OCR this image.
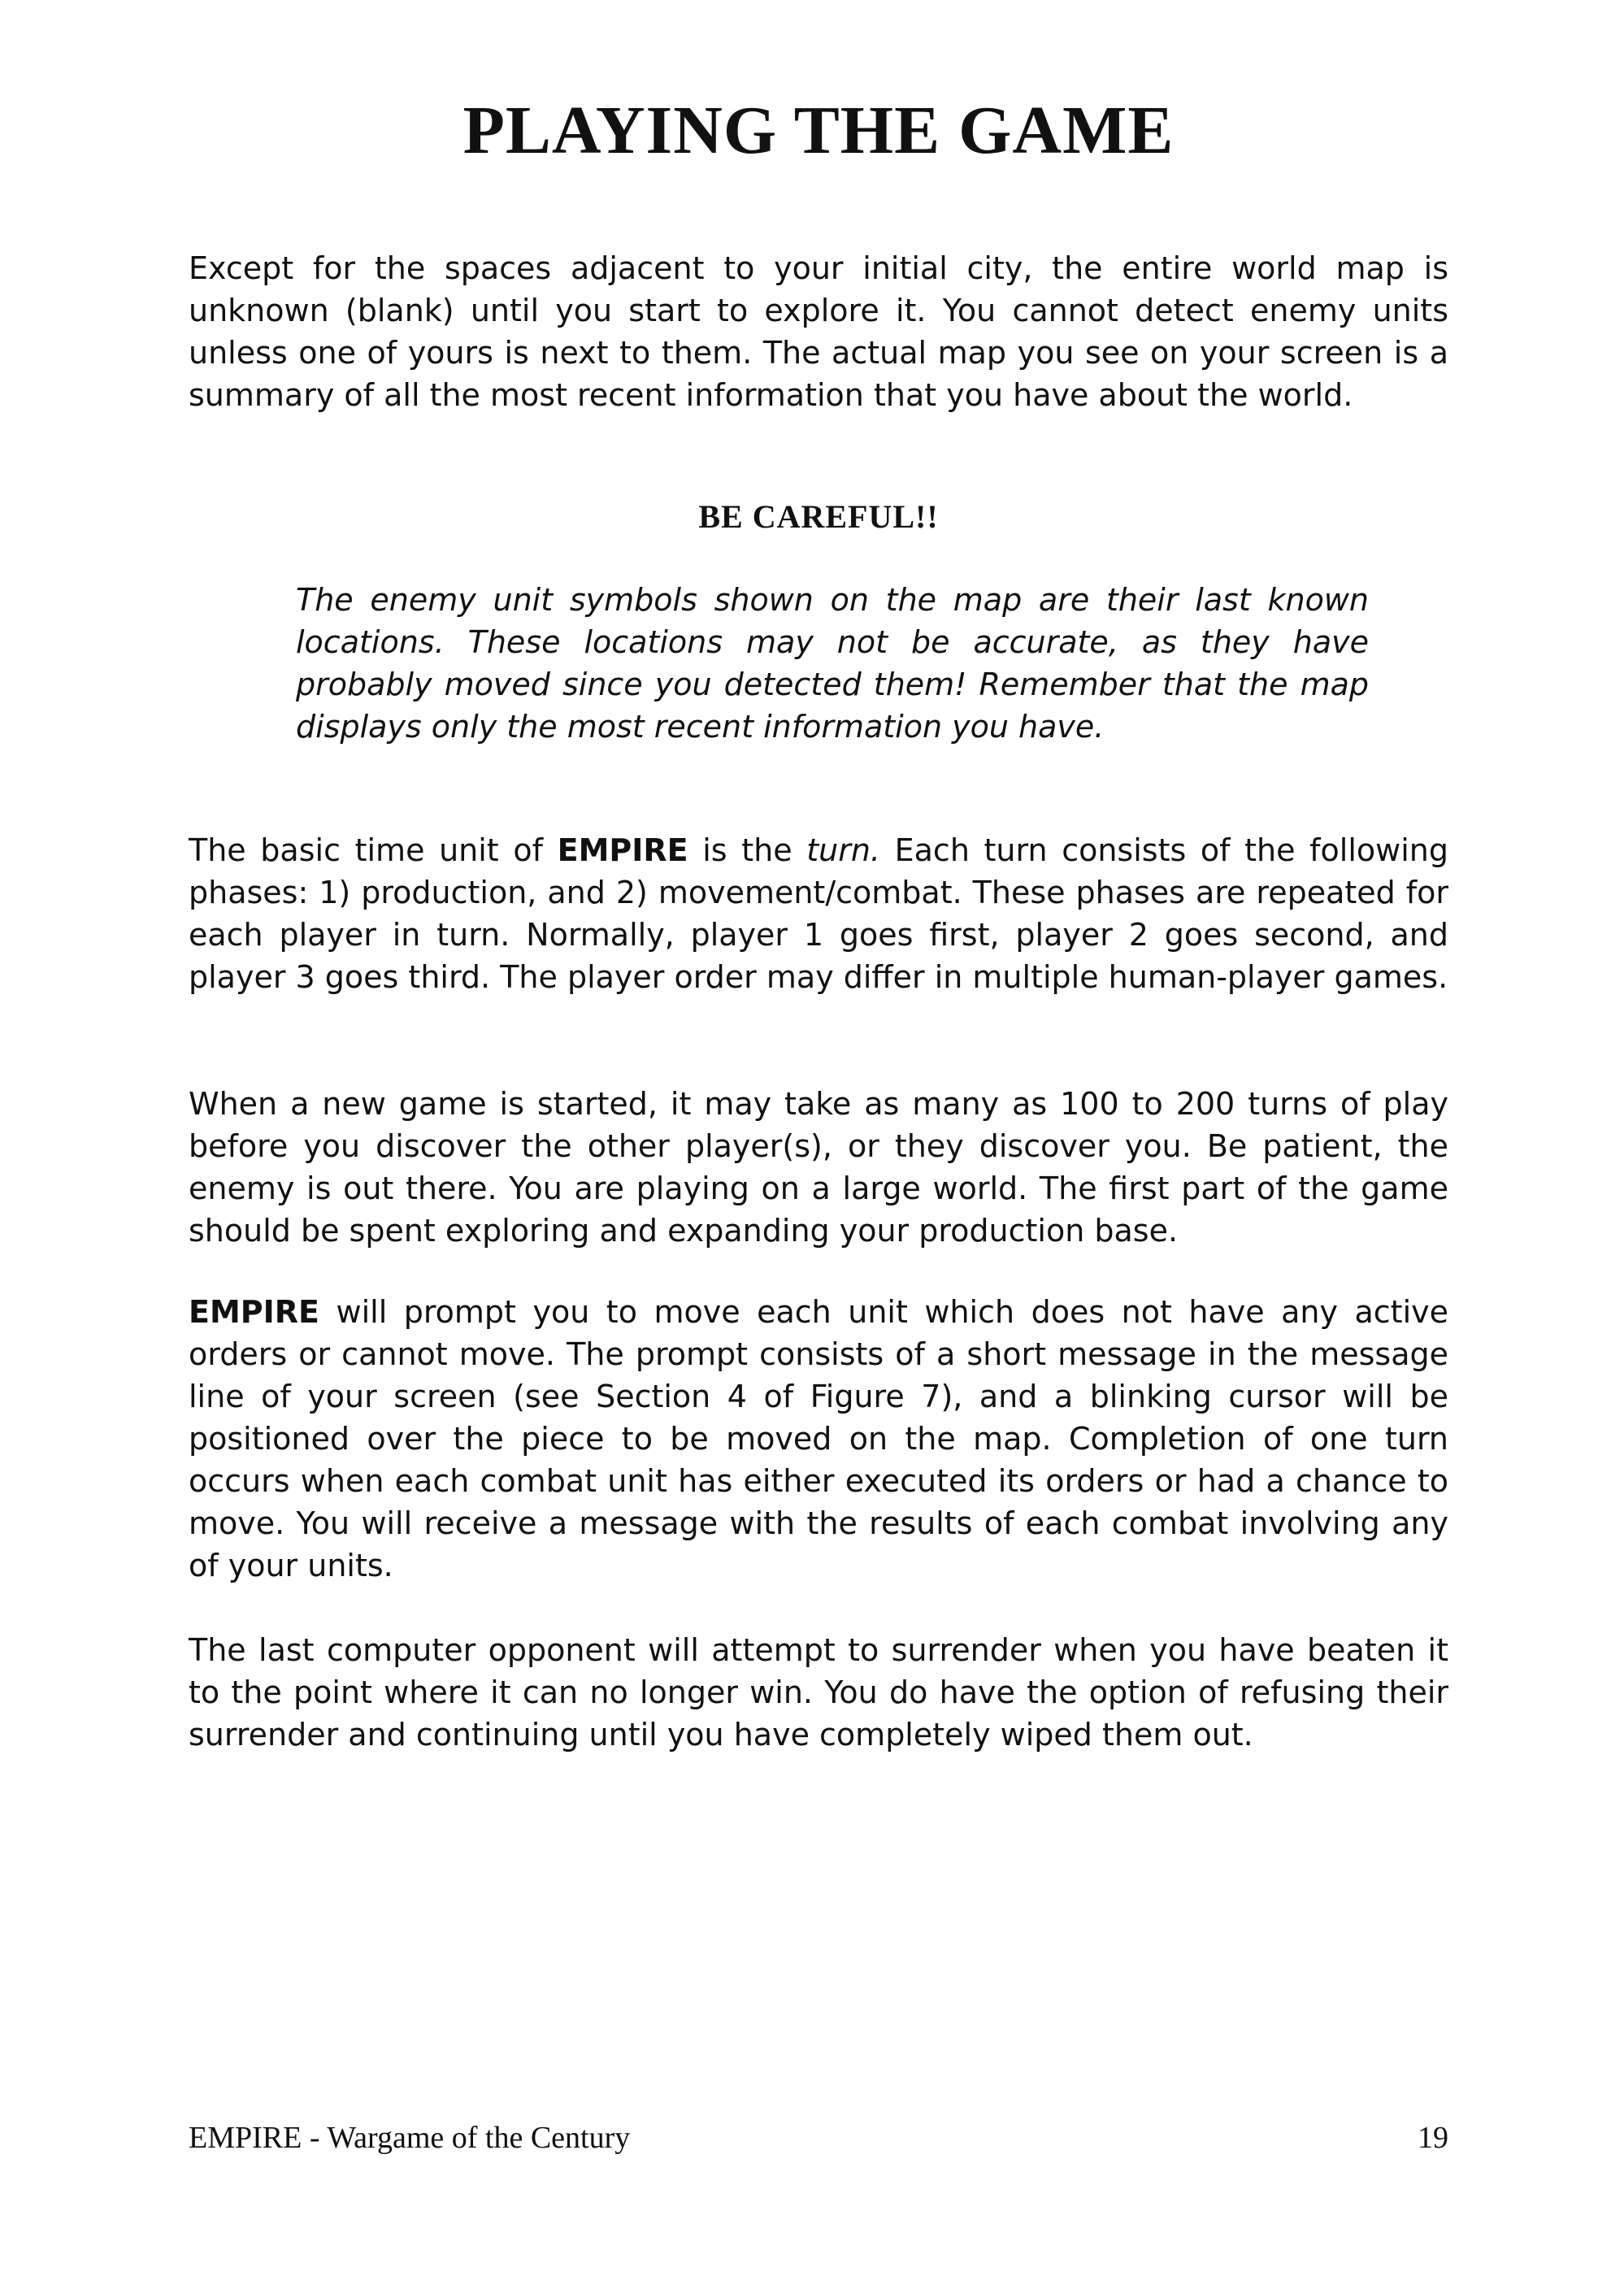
PLAYING THE GAME

Except for the spaces adjacent to your initial city, the entire world map is unknown (blank) until you start to explore it. You cannot detect enemy units unless one of yours is next to them. The actual map you see on your screen is a summary of all the most recent information that you have about the world.

BE CAREFUL!!

The enemy unit symbols shown on the map are their last known locations. These locations may not be accurate, as they have probably moved since you detected them! Remember that the map displays only the most recent information you have.

The basic time unit of EMPIRE is the turn. Each turn consists of the following phases: 1) production, and 2) movement/combat. These phases are repeated for each player in turn. Normally, player 1 goes first, player 2 goes second, and player 3 goes third. The player order may differ in multiple human-player games.

When a new game is started, it may take as many as 100 to 200 turns of play before you discover the other player(s), or they discover you. Be patient, the enemy is out there. You are playing on a large world. The first part of the game should be spent exploring and expanding your production base.

EMPIRE will prompt you to move each unit which does not have any active orders or cannot move. The prompt consists of a short message in the message line of your screen (see Section 4 of Figure 7), and a blinking cursor will be positioned over the piece to be moved on the map. Completion of one turn occurs when each combat unit has either executed its orders or had a chance to move. You will receive a message with the results of each combat involving any of your units.

The last computer opponent will attempt to surrender when you have beaten it to the point where it can no longer win. You do have the option of refusing their surrender and continuing until you have completely wiped them out.

EMPIRE - Wargame of the Century	19
